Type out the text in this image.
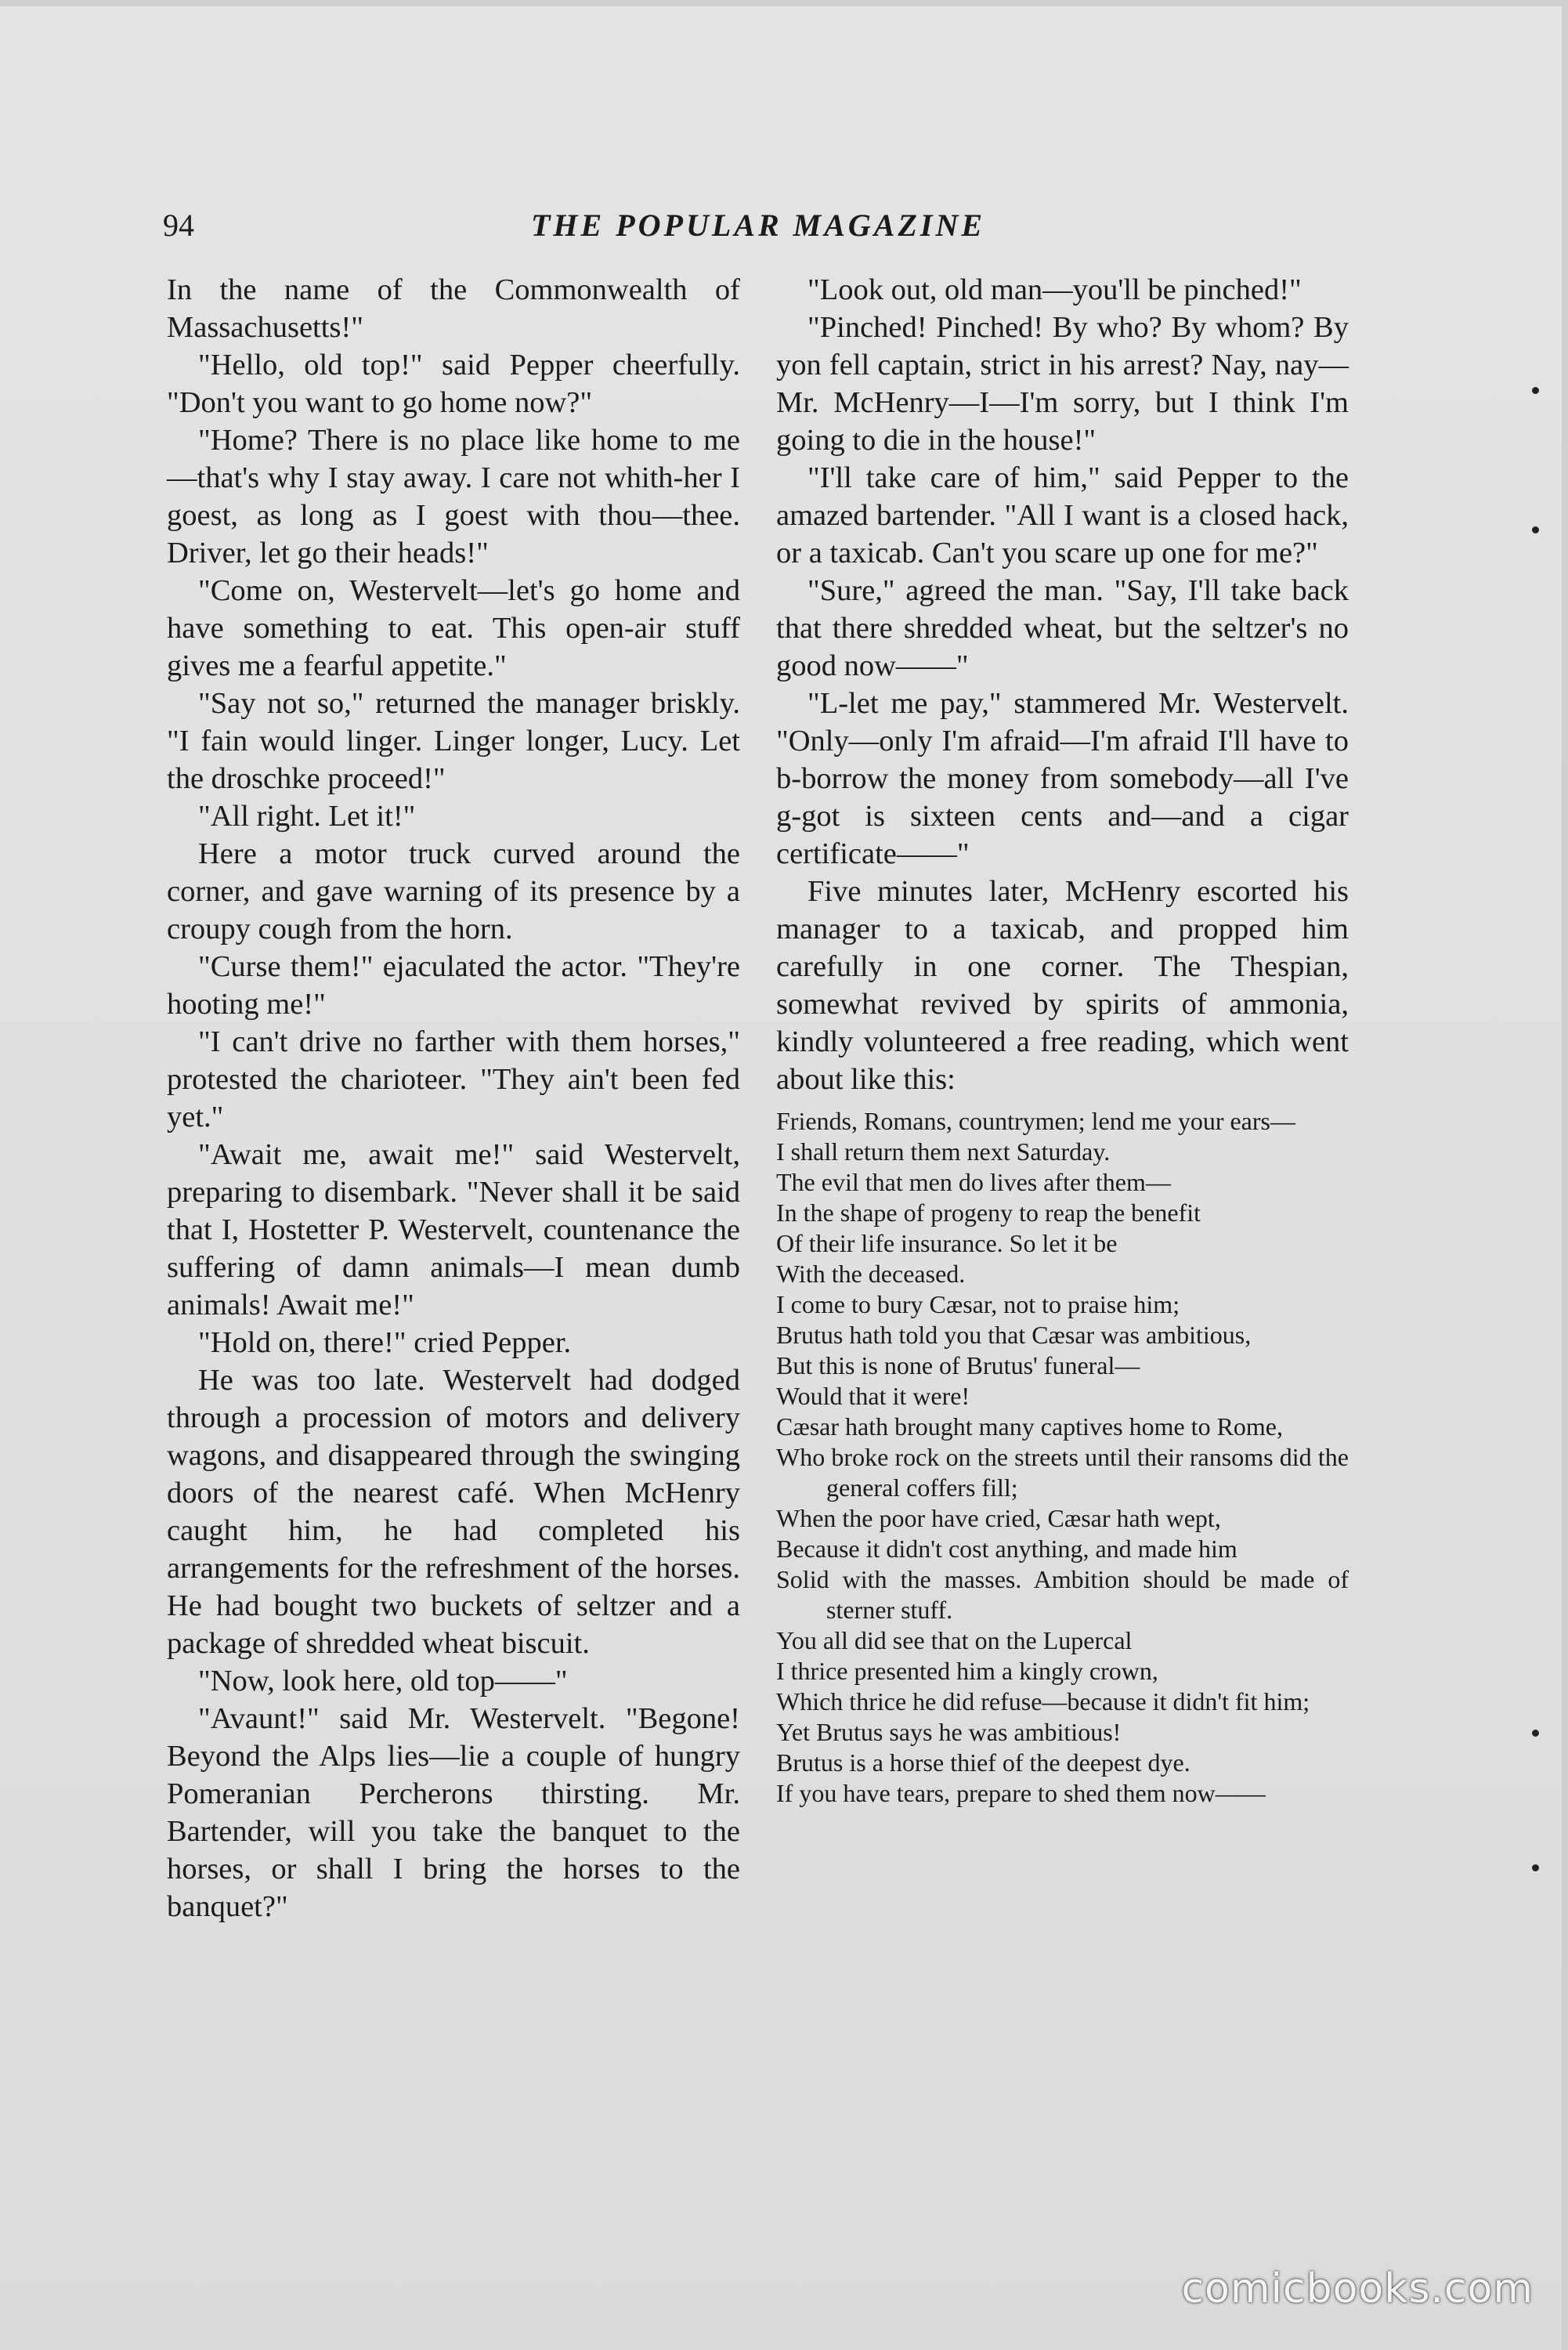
94	THE POPULAR MAGAZINE

In the name of the Commonwealth of Massachusetts!"

"Hello, old top!" said Pepper cheerfully. "Don't you want to go home now?"

"Home? There is no place like home to me—that's why I stay away. I care not whith-her I goest, as long as I goest with thou—thee. Driver, let go their heads!"

"Come on, Westervelt—let's go home and have something to eat. This open-air stuff gives me a fearful appetite."

"Say not so," returned the manager briskly. "I fain would linger. Linger longer, Lucy. Let the droschke proceed!"

"All right. Let it!"

Here a motor truck curved around the corner, and gave warning of its presence by a croupy cough from the horn.

"Curse them!" ejaculated the actor. "They're hooting me!"

"I can't drive no farther with them horses," protested the charioteer. "They ain't been fed yet."

"Await me, await me!" said Westervelt, preparing to disembark. "Never shall it be said that I, Hostetter P. Westervelt, countenance the suffering of damn animals—I mean dumb animals! Await me!"

"Hold on, there!" cried Pepper.

He was too late. Westervelt had dodged through a procession of motors and delivery wagons, and disappeared through the swinging doors of the nearest café. When McHenry caught him, he had completed his arrangements for the refreshment of the horses. He had bought two buckets of seltzer and a package of shredded wheat biscuit.

"Now, look here, old top——"

"Avaunt!" said Mr. Westervelt. "Begone! Beyond the Alps lies—lie a couple of hungry Pomeranian Percherons thirsting. Mr. Bartender, will you take the banquet to the horses, or shall I bring the horses to the banquet?"

"Look out, old man—you'll be pinched!"

"Pinched! Pinched! By who? By whom? By yon fell captain, strict in his arrest? Nay, nay—Mr. McHenry—I—I'm sorry, but I think I'm going to die in the house!"

"I'll take care of him," said Pepper to the amazed bartender. "All I want is a closed hack, or a taxicab. Can't you scare up one for me?"

"Sure," agreed the man. "Say, I'll take back that there shredded wheat, but the seltzer's no good now——"

"L-let me pay," stammered Mr. Westervelt. "Only—only I'm afraid—I'm afraid I'll have to b-borrow the money from somebody—all I've g-got is sixteen cents and—and a cigar certificate——"

Five minutes later, McHenry escorted his manager to a taxicab, and propped him carefully in one corner. The Thespian, somewhat revived by spirits of ammonia, kindly volunteered a free reading, which went about like this:

Friends, Romans, countrymen; lend me your ears—
I shall return them next Saturday.
The evil that men do lives after them—
In the shape of progeny to reap the benefit
Of their life insurance. So let it be
With the deceased.
I come to bury Cæsar, not to praise him;
Brutus hath told you that Cæsar was ambitious,
But this is none of Brutus' funeral—
Would that it were!
Cæsar hath brought many captives home to Rome,
Who broke rock on the streets until their ransoms did the general coffers fill;
When the poor have cried, Cæsar hath wept,
Because it didn't cost anything, and made him
Solid with the masses. Ambition should be made of sterner stuff.
You all did see that on the Lupercal
I thrice presented him a kingly crown,
Which thrice he did refuse—because it didn't fit him;
Yet Brutus says he was ambitious!
Brutus is a horse thief of the deepest dye.
If you have tears, prepare to shed them now——
comicbooks.com
